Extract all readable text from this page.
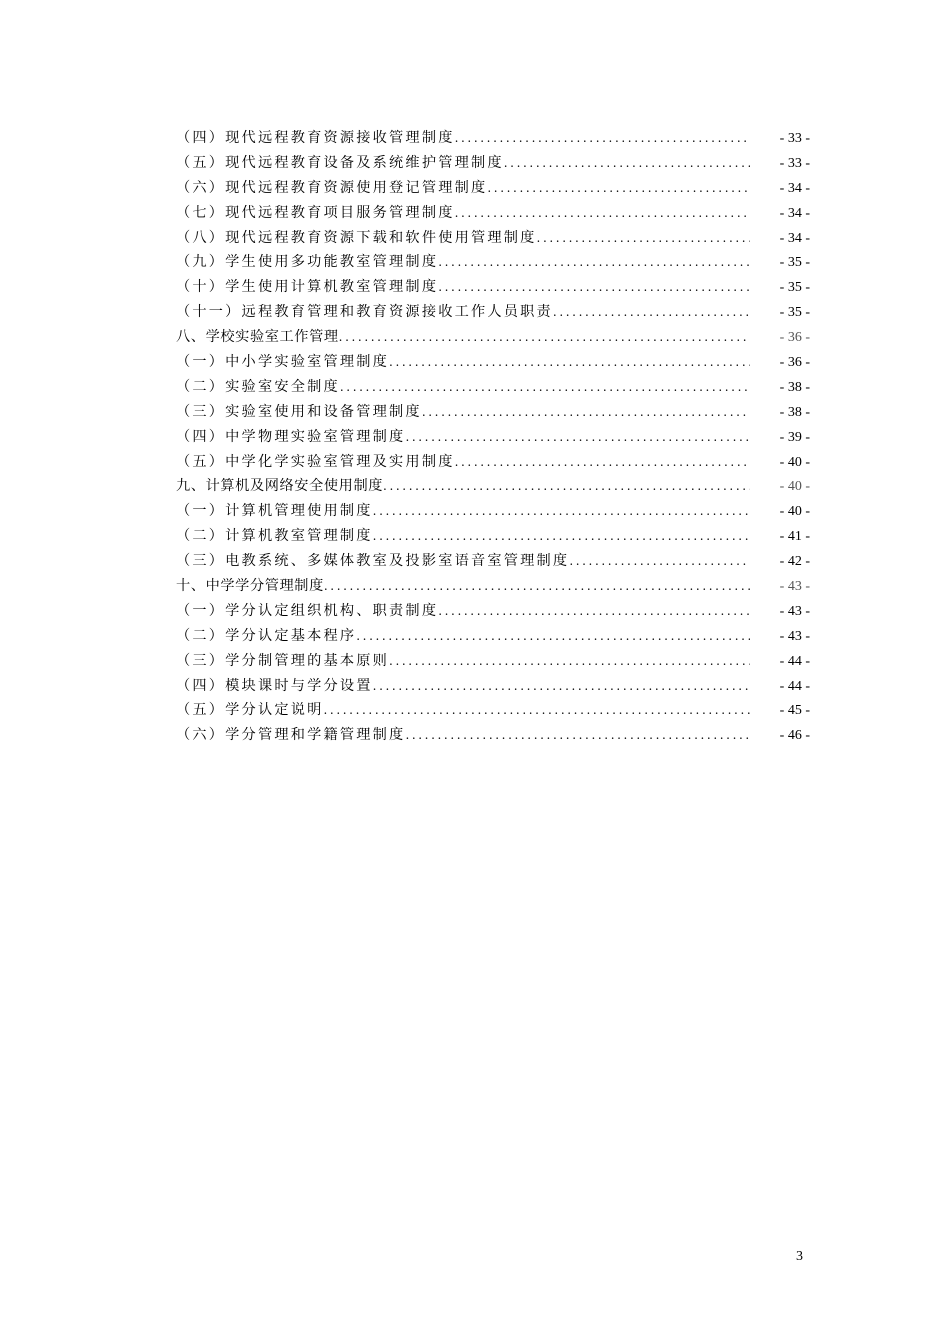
（四）现代远程教育资源接收管理制度 .....	- 33 -
（五）现代远程教育设备及系统维护管理制度 .....	- 33 -
（六）现代远程教育资源使用登记管理制度 .....	- 34 -
（七）现代远程教育项目服务管理制度 .....	- 34 -
（八）现代远程教育资源下载和软件使用管理制度 .....	- 34 -
（九）学生使用多功能教室管理制度 .....	- 35 -
（十）学生使用计算机教室管理制度 .....	- 35 -
（十一）远程教育管理和教育资源接收工作人员职责 .....	- 35 -
八、学校实验室工作管理 .....	- 36 -
（一）中小学实验室管理制度 .....	- 36 -
（二）实验室安全制度 .....	- 38 -
（三）实验室使用和设备管理制度 .....	- 38 -
（四）中学物理实验室管理制度 .....	- 39 -
（五）中学化学实验室管理及实用制度 .....	- 40 -
九、计算机及网络安全使用制度 .....	- 40 -
（一）计算机管理使用制度 .....	- 40 -
（二）计算机教室管理制度 .....	- 41 -
（三）电教系统、多媒体教室及投影室语音室管理制度 .....	- 42 -
十、中学学分管理制度 .....	- 43 -
（一）学分认定组织机构、职责制度 .....	- 43 -
（二）学分认定基本程序 .....	- 43 -
（三）学分制管理的基本原则 .....	- 44 -
（四）模块课时与学分设置 .....	- 44 -
（五）学分认定说明 .....	- 45 -
（六）学分管理和学籍管理制度 .....	- 46 -
3
